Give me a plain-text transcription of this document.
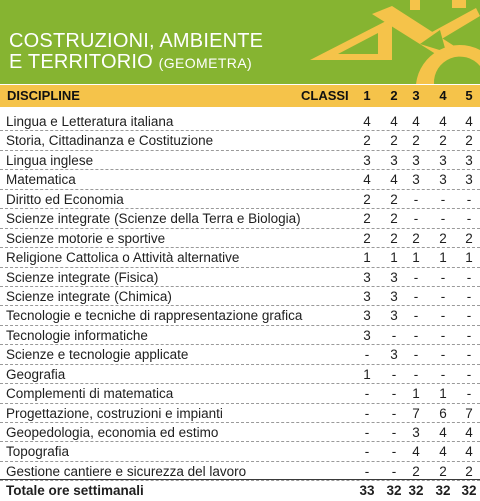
COSTRUZIONI, AMBIENTE
E TERRITORIO (GEOMETRA)
DISCIPLINE	CLASSI	1	2	3	4	5
Lingua e Letteratura italiana	4	4	4	4	4
Storia, Cittadinanza e Costituzione	2	2	2	2	2
Lingua inglese	3	3	3	3	3
Matematica	4	4	3	3	3
Diritto ed Economia	2	2	-	-	-
Scienze integrate (Scienze della Terra e Biologia)	2	2	-	-	-
Scienze motorie e sportive	2	2	2	2	2
Religione Cattolica o Attività alternative	1	1	1	1	1
Scienze integrate (Fisica)	3	3	-	-	-
Scienze integrate (Chimica)	3	3	-	-	-
Tecnologie e tecniche di rappresentazione grafica	3	3	-	-	-
Tecnologie informatiche	3	-	-	-	-
Scienze e tecnologie applicate	-	3	-	-	-
Geografia	1	-	-	-	-
Complementi di matematica	-	-	1	1	-
Progettazione, costruzioni e impianti	-	-	7	6	7
Geopedologia, economia ed estimo	-	-	3	4	4
Topografia	-	-	4	4	4
Gestione cantiere e sicurezza del lavoro	-	-	2	2	2
Totale ore settimanali	33 32 32 32 32
